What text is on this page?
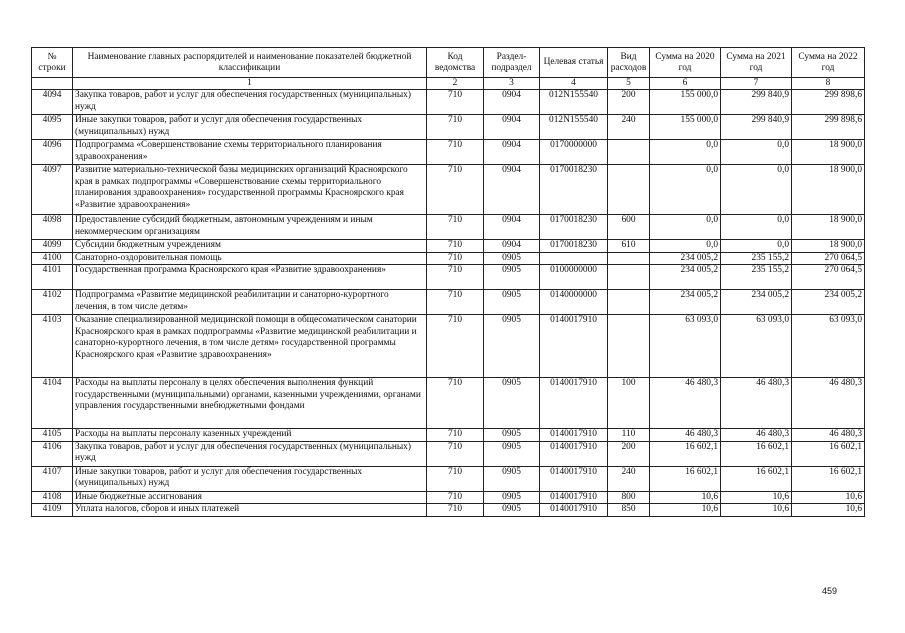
№ строки	Наименование главных распорядителей и наименование показателей бюджетной классификации	Код ведомства	Раздел-подраздел	Целевая статья	Вид расходов	Сумма на 2020 год	Сумма на 2021 год	Сумма на 2022 год
	1	2	3	4	5	6	7	8
4094	Закупка товаров, работ и услуг для обеспечения государственных (муниципальных) нужд	710	0904	012N155540	200	155 000,0	299 840,9	299 898,6
4095	Иные закупки товаров, работ и услуг для обеспечения государственных (муниципальных) нужд	710	0904	012N155540	240	155 000,0	299 840,9	299 898,6
4096	Подпрограмма «Совершенствование схемы территориального планирования здравоохранения»	710	0904	0170000000		0,0	0,0	18 900,0
4097	Развитие материально-технической базы медицинских организаций Красноярского края в рамках подпрограммы «Совершенствование схемы территориального планирования здравоохранения» государственной программы Красноярского края «Развитие здравоохранения»	710	0904	0170018230		0,0	0,0	18 900,0
4098	Предоставление субсидий бюджетным, автономным учреждениям и иным некоммерческим организациям	710	0904	0170018230	600	0,0	0,0	18 900,0
4099	Субсидии бюджетным учреждениям	710	0904	0170018230	610	0,0	0,0	18 900,0
4100	Санаторно-оздоровительная помощь	710	0905			234 005,2	235 155,2	270 064,5
4101	Государственная программа Красноярского края «Развитие здравоохранения»	710	0905	0100000000		234 005,2	235 155,2	270 064,5
4102	Подпрограмма «Развитие медицинской реабилитации и санаторно-курортного лечения, в том числе детям»	710	0905	0140000000		234 005,2	234 005,2	234 005,2
4103	Оказание специализированной медицинской помощи в общесоматическом санатории Красноярского края в рамках подпрограммы «Развитие медицинской реабилитации и санаторно-курортного лечения, в том числе детям» государственной программы Красноярского края «Развитие здравоохранения»	710	0905	0140017910		63 093,0	63 093,0	63 093,0
4104	Расходы на выплаты персоналу в целях обеспечения выполнения функций государственными (муниципальными) органами, казенными учреждениями, органами управления государственными внебюджетными фондами	710	0905	0140017910	100	46 480,3	46 480,3	46 480,3
4105	Расходы на выплаты персоналу казенных учреждений	710	0905	0140017910	110	46 480,3	46 480,3	46 480,3
4106	Закупка товаров, работ и услуг для обеспечения государственных (муниципальных) нужд	710	0905	0140017910	200	16 602,1	16 602,1	16 602,1
4107	Иные закупки товаров, работ и услуг для обеспечения государственных (муниципальных) нужд	710	0905	0140017910	240	16 602,1	16 602,1	16 602,1
4108	Иные бюджетные ассигнования	710	0905	0140017910	800	10,6	10,6	10,6
4109	Уплата налогов, сборов и иных платежей	710	0905	0140017910	850	10,6	10,6	10,6
459
